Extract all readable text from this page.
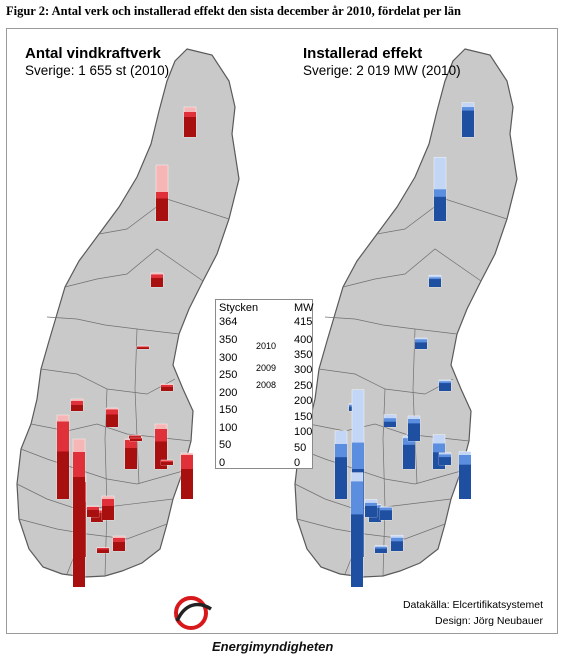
Figur 2: Antal verk och installerad effekt den sista december år 2010, fördelat per län
Antal vindkraftverk
Sverige: 1 655 st (2010)
Installerad effekt
Sverige: 2 019 MW (2010)
Stycken	MW
364	415
350
300
250
200
150
100
50
0
400
350
300
250
200
150
100
50
0
2010
2009
2008
Energimyndigheten
Datakälla: Elcertifikatsystemet
Design: Jörg Neubauer
